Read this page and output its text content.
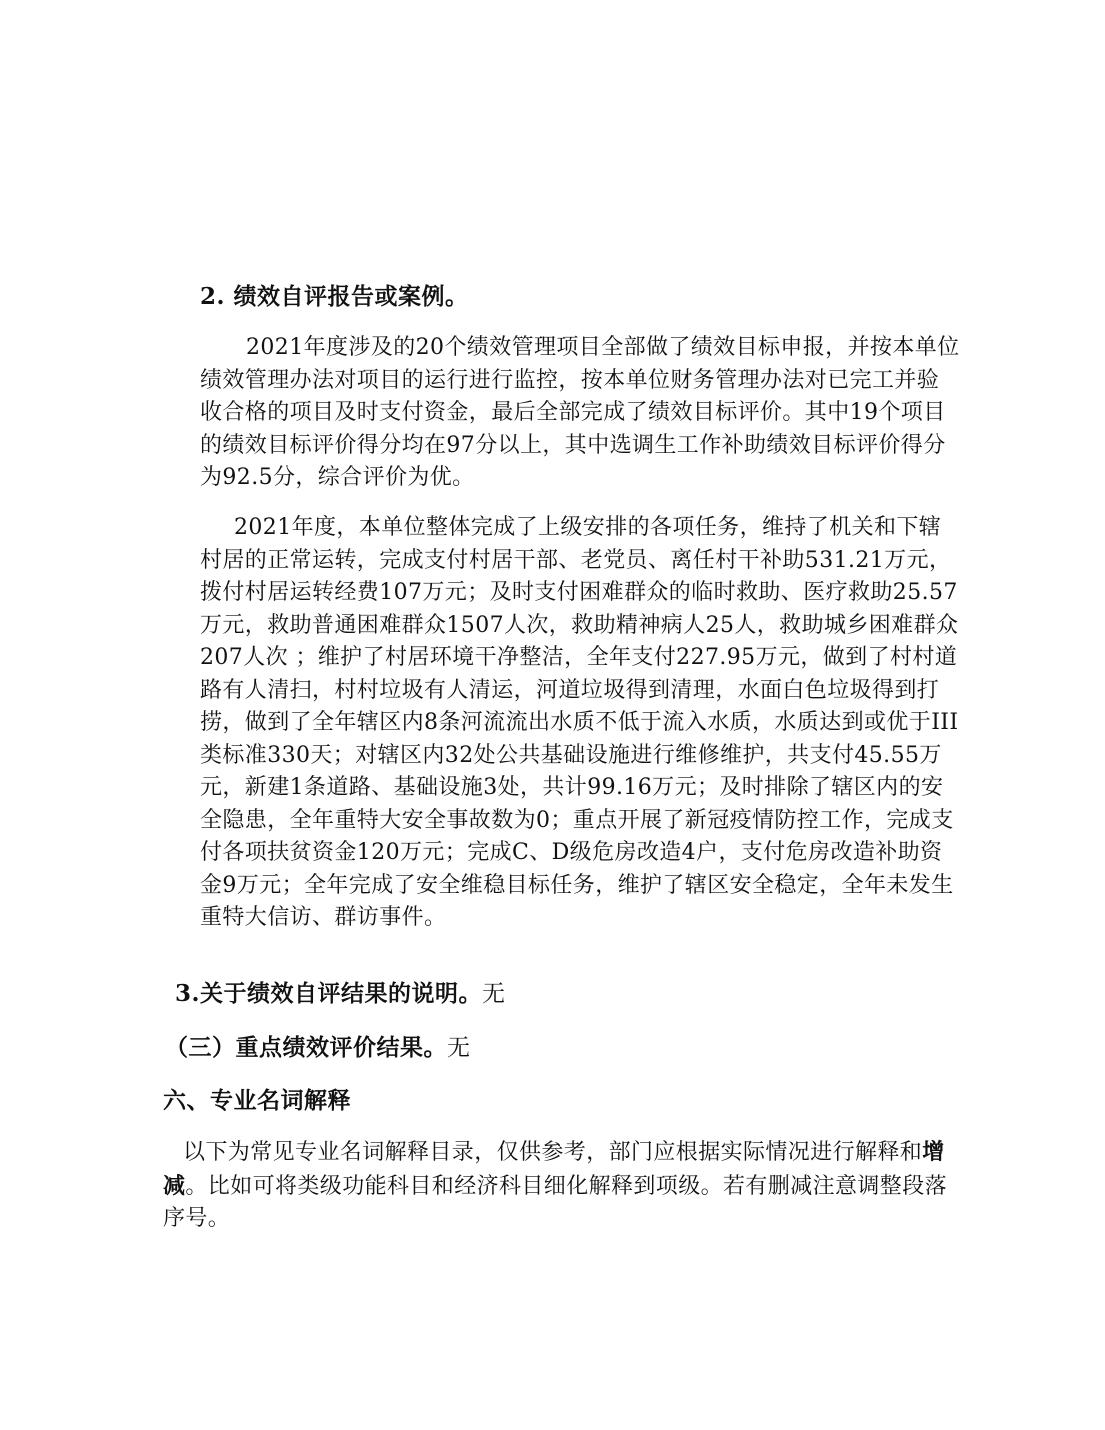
2. 绩效自评报告或案例。
2021年度涉及的20个绩效管理项目全部做了绩效目标申报，并按本单位绩效管理办法对项目的运行进行监控，按本单位财务管理办法对已完工并验收合格的项目及时支付资金，最后全部完成了绩效目标评价。其中19个项目的绩效目标评价得分均在97分以上，其中选调生工作补助绩效目标评价得分为92.5分，综合评价为优。
2021年度，本单位整体完成了上级安排的各项任务，维持了机关和下辖村居的正常运转，完成支付村居干部、老党员、离任村干补助531.21万元，拨付村居运转经费107万元；及时支付困难群众的临时救助、医疗救助25.57万元，救助普通困难群众1507人次，救助精神病人25人，救助城乡困难群众207人次 ；维护了村居环境干净整洁，全年支付227.95万元，做到了村村道路有人清扫，村村垃圾有人清运，河道垃圾得到清理，水面白色垃圾得到打捞，做到了全年辖区内8条河流流出水质不低于流入水质，水质达到或优于III类标准330天；对辖区内32处公共基础设施进行维修维护，共支付45.55万元，新建1条道路、基础设施3处，共计99.16万元；及时排除了辖区内的安全隐患，全年重特大安全事故数为0；重点开展了新冠疫情防控工作，完成支付各项扶贫资金120万元；完成C、D级危房改造4户，支付危房改造补助资金9万元；全年完成了安全维稳目标任务，维护了辖区安全稳定，全年未发生重特大信访、群访事件。
3.关于绩效自评结果的说明。无
（三）重点绩效评价结果。无
六、专业名词解释
以下为常见专业名词解释目录，仅供参考，部门应根据实际情况进行解释和增减。比如可将类级功能科目和经济科目细化解释到项级。若有删减注意调整段落序号。
